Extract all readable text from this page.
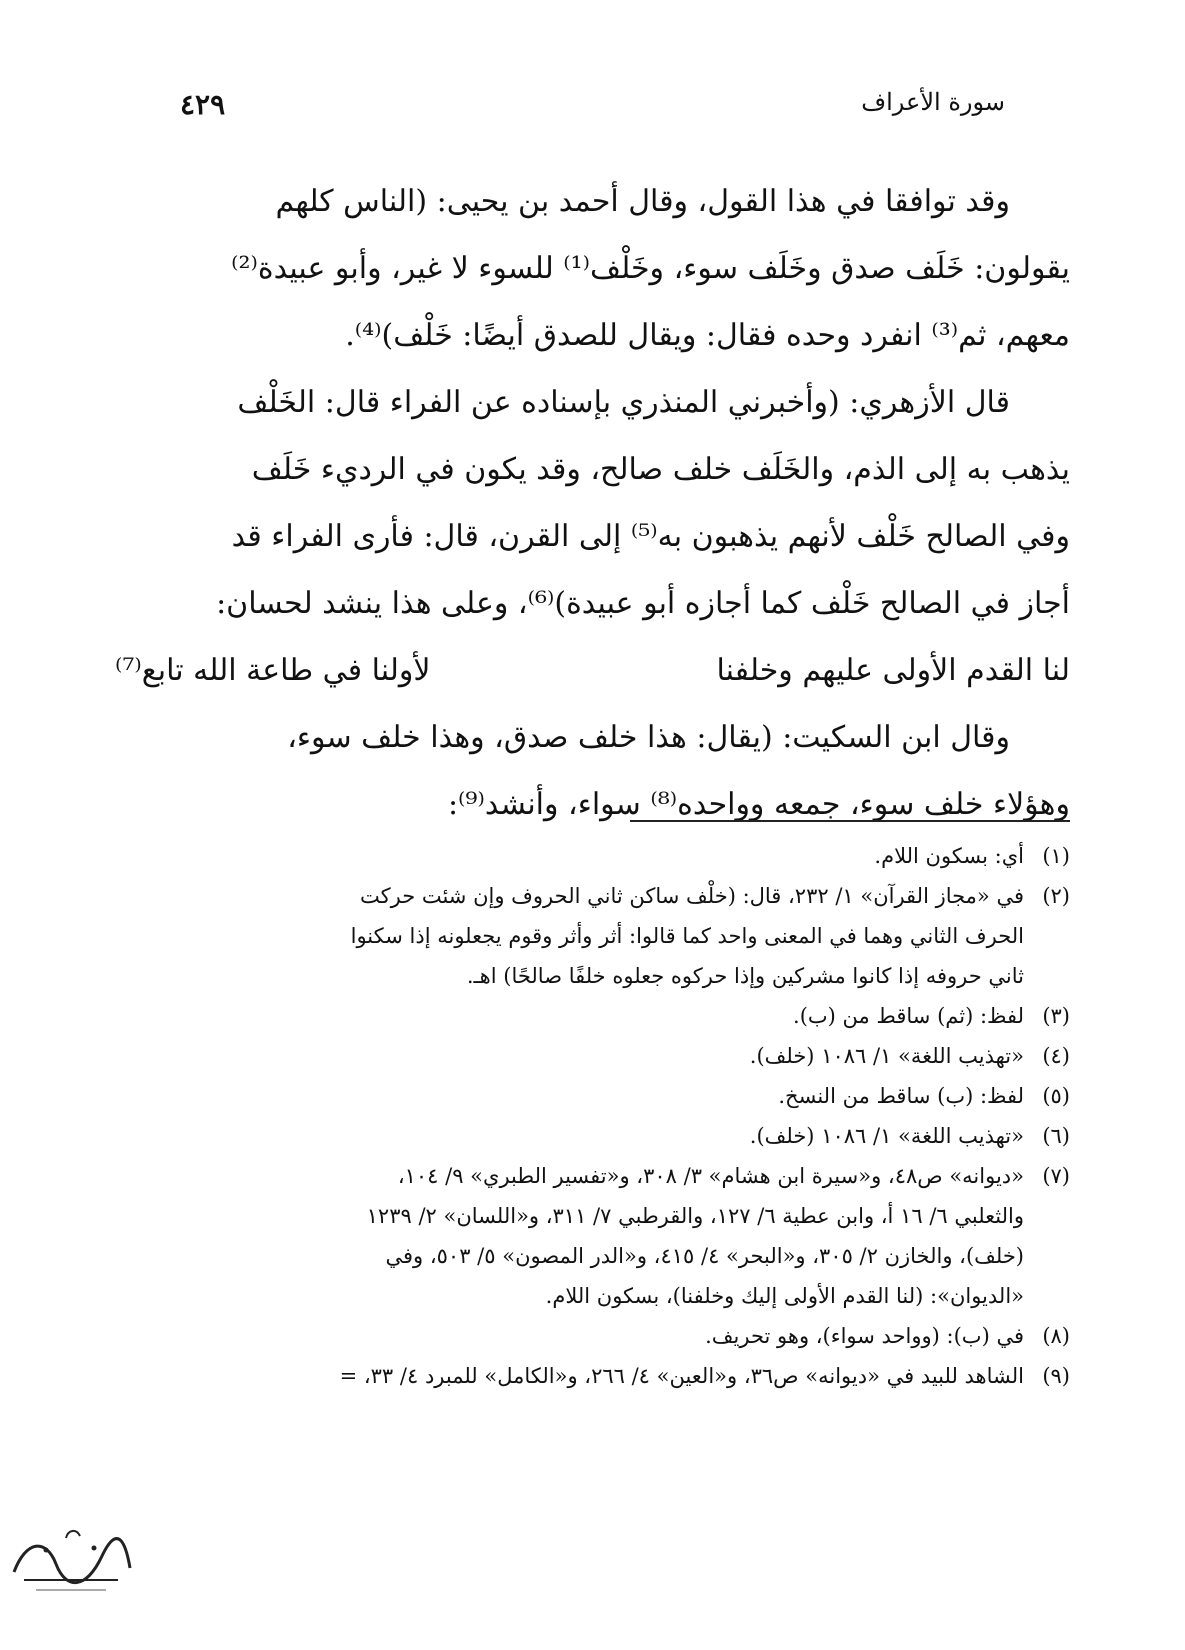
سورة الأعراف
٤٢٩
وقد توافقا في هذا القول، وقال أحمد بن يحيى: (الناس كلهم
يقولون: خَلَف صدق وخَلَف سوء، وخَلْف⁽¹⁾ للسوء لا غير، وأبو عبيدة⁽²⁾
معهم، ثم⁽³⁾ انفرد وحده فقال: ويقال للصدق أيضًا: خَلْف)⁽⁴⁾.
قال الأزهري: (وأخبرني المنذري بإسناده عن الفراء قال: الخَلْف
يذهب به إلى الذم، والخَلَف خلف صالح، وقد يكون في الرديء خَلَف
وفي الصالح خَلْف لأنهم يذهبون به⁽⁵⁾ إلى القرن، قال: فأرى الفراء قد
أجاز في الصالح خَلْف كما أجازه أبو عبيدة)⁽⁶⁾، وعلى هذا ينشد لحسان:
لنا القدم الأولى عليهم وخلفنا
لأولنا في طاعة الله تابع⁽⁷⁾
وقال ابن السكيت: (يقال: هذا خلف صدق، وهذا خلف سوء،
وهؤلاء خلف سوء، جمعه وواحده⁽⁸⁾ سواء، وأنشد⁽⁹⁾:
(١)
أي: بسكون اللام.
(٢)
في «مجاز القرآن» ١/ ٢٣٢، قال: (خلْف ساكن ثاني الحروف وإن شئت حركت
الحرف الثاني وهما في المعنى واحد كما قالوا: أثر وأثر وقوم يجعلونه إذا سكنوا
ثاني حروفه إذا كانوا مشركين وإذا حركوه جعلوه خلفًا صالحًا) اهـ.
(٣)
لفظ: (ثم) ساقط من (ب).
(٤)
«تهذيب اللغة» ١/ ١٠٨٦ (خلف).
(٥)
لفظ: (ب) ساقط من النسخ.
(٦)
«تهذيب اللغة» ١/ ١٠٨٦ (خلف).
(٧)
«ديوانه» ص٤٨، و«سيرة ابن هشام» ٣/ ٣٠٨، و«تفسير الطبري» ٩/ ١٠٤،
والثعلبي ٦/ ١٦ أ، وابن عطية ٦/ ١٢٧، والقرطبي ٧/ ٣١١، و«اللسان» ٢/ ١٢٣٩
(خلف)، والخازن ٢/ ٣٠٥، و«البحر» ٤/ ٤١٥، و«الدر المصون» ٥/ ٥٠٣، وفي
«الديوان»: (لنا القدم الأولى إليك وخلفنا)، بسكون اللام.
(٨)
في (ب): (وواحد سواء)، وهو تحريف.
(٩)
الشاهد للبيد في «ديوانه» ص٣٦، و«العين» ٤/ ٢٦٦، و«الكامل» للمبرد ٤/ ٣٣، =
